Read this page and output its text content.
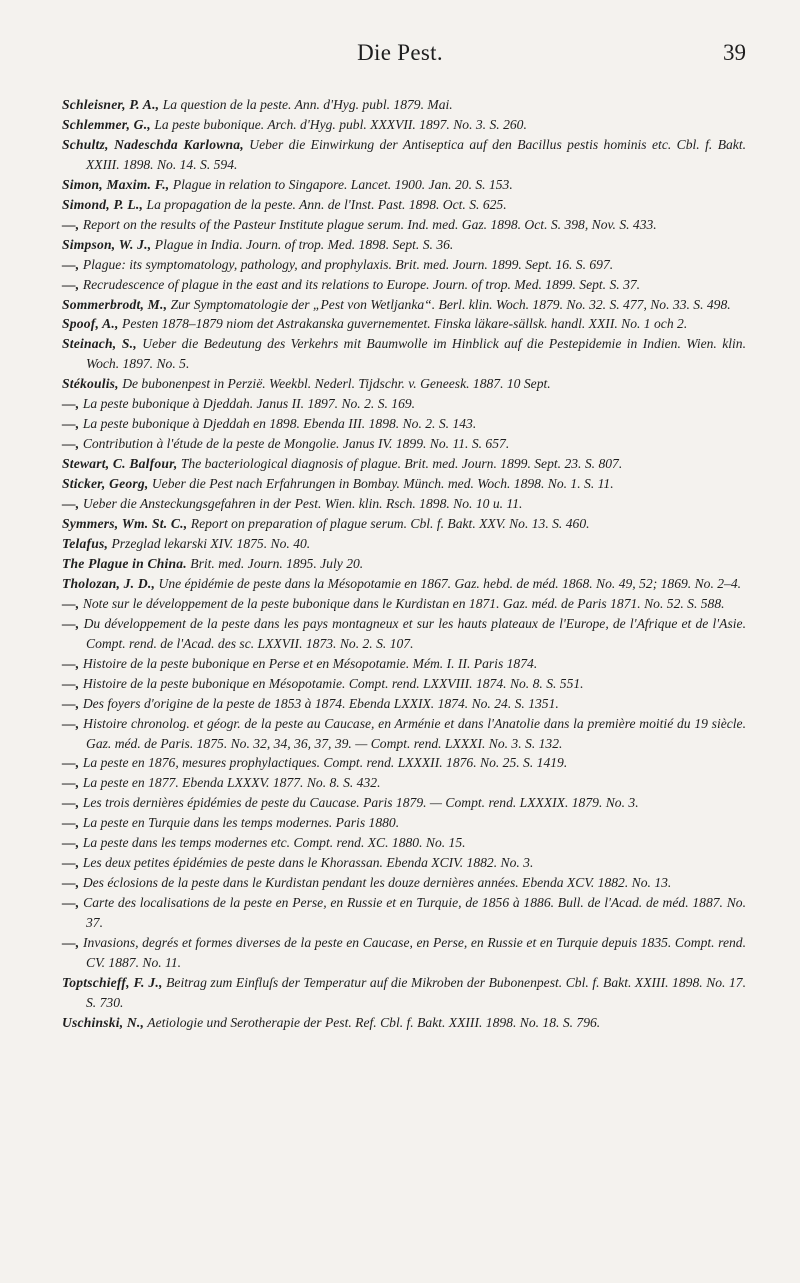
Die Pest.	39

Schleisner, P. A., La question de la peste. Ann. d'Hyg. publ. 1879. Mai.

Schlemmer, G., La peste bubonique. Arch. d'Hyg. publ. XXXVII. 1897. No. 3. S. 260.

Schultz, Nadeschda Karlowna, Ueber die Einwirkung der Antiseptica auf den Bacillus pestis hominis etc. Cbl. f. Bakt. XXIII. 1898. No. 14. S. 594.

Simon, Maxim. F., Plague in relation to Singapore. Lancet. 1900. Jan. 20. S. 153.

Simond, P. L., La propagation de la peste. Ann. de l'Inst. Past. 1898. Oct. S. 625.

—, Report on the results of the Pasteur Institute plague serum. Ind. med. Gaz. 1898. Oct. S. 398, Nov. S. 433.

Simpson, W. J., Plague in India. Journ. of trop. Med. 1898. Sept. S. 36.

—, Plague: its symptomatology, pathology, and prophylaxis. Brit. med. Journ. 1899. Sept. 16. S. 697.

—, Recrudescence of plague in the east and its relations to Europe. Journ. of trop. Med. 1899. Sept. S. 37.

Sommerbrodt, M., Zur Symptomatologie der „Pest von Wetljanka“. Berl. klin. Woch. 1879. No. 32. S. 477, No. 33. S. 498.

Spoof, A., Pesten 1878–1879 niom det Astrakanska guvernementet. Finska läkare-sällsk. handl. XXII. No. 1 och 2.

Steinach, S., Ueber die Bedeutung des Verkehrs mit Baumwolle im Hinblick auf die Pestepidemie in Indien. Wien. klin. Woch. 1897. No. 5.

Stékoulis, De bubonenpest in Perzië. Weekbl. Nederl. Tijdschr. v. Geneesk. 1887. 10 Sept.

—, La peste bubonique à Djeddah. Janus II. 1897. No. 2. S. 169.

—, La peste bubonique à Djeddah en 1898. Ebenda III. 1898. No. 2. S. 143.

—, Contribution à l'étude de la peste de Mongolie. Janus IV. 1899. No. 11. S. 657.

Stewart, C. Balfour, The bacteriological diagnosis of plague. Brit. med. Journ. 1899. Sept. 23. S. 807.

Sticker, Georg, Ueber die Pest nach Erfahrungen in Bombay. Münch. med. Woch. 1898. No. 1. S. 11.

—, Ueber die Ansteckungsgefahren in der Pest. Wien. klin. Rsch. 1898. No. 10 u. 11.

Symmers, Wm. St. C., Report on preparation of plague serum. Cbl. f. Bakt. XXV. No. 13. S. 460.

Telafus, Przeglad lekarski XIV. 1875. No. 40.

The Plague in China. Brit. med. Journ. 1895. July 20.

Tholozan, J. D., Une épidémie de peste dans la Mésopotamie en 1867. Gaz. hebd. de méd. 1868. No. 49, 52; 1869. No. 2–4.

—, Note sur le développement de la peste bubonique dans le Kurdistan en 1871. Gaz. méd. de Paris 1871. No. 52. S. 588.

—, Du développement de la peste dans les pays montagneux et sur les hauts plateaux de l'Europe, de l'Afrique et de l'Asie. Compt. rend. de l'Acad. des sc. LXXVII. 1873. No. 2. S. 107.

—, Histoire de la peste bubonique en Perse et en Mésopotamie. Mém. I. II. Paris 1874.

—, Histoire de la peste bubonique en Mésopotamie. Compt. rend. LXXVIII. 1874. No. 8. S. 551.

—, Des foyers d'origine de la peste de 1853 à 1874. Ebenda LXXIX. 1874. No. 24. S. 1351.

—, Histoire chronolog. et géogr. de la peste au Caucase, en Arménie et dans l'Anatolie dans la première moitié du 19 siècle. Gaz. méd. de Paris. 1875. No. 32, 34, 36, 37, 39. — Compt. rend. LXXXI. No. 3. S. 132.

—, La peste en 1876, mesures prophylactiques. Compt. rend. LXXXII. 1876. No. 25. S. 1419.

—, La peste en 1877. Ebenda LXXXV. 1877. No. 8. S. 432.

—, Les trois dernières épidémies de peste du Caucase. Paris 1879. — Compt. rend. LXXXIX. 1879. No. 3.

—, La peste en Turquie dans les temps modernes. Paris 1880.

—, La peste dans les temps modernes etc. Compt. rend. XC. 1880. No. 15.

—, Les deux petites épidémies de peste dans le Khorassan. Ebenda XCIV. 1882. No. 3.

—, Des éclosions de la peste dans le Kurdistan pendant les douze dernières années. Ebenda XCV. 1882. No. 13.

—, Carte des localisations de la peste en Perse, en Russie et en Turquie, de 1856 à 1886. Bull. de l'Acad. de méd. 1887. No. 37.

—, Invasions, degrés et formes diverses de la peste en Caucase, en Perse, en Russie et en Turquie depuis 1835. Compt. rend. CV. 1887. No. 11.

Toptschieff, F. J., Beitrag zum Einfluſs der Temperatur auf die Mikroben der Bubonenpest. Cbl. f. Bakt. XXIII. 1898. No. 17. S. 730.

Uschinski, N., Aetiologie und Serotherapie der Pest. Ref. Cbl. f. Bakt. XXIII. 1898. No. 18. S. 796.
